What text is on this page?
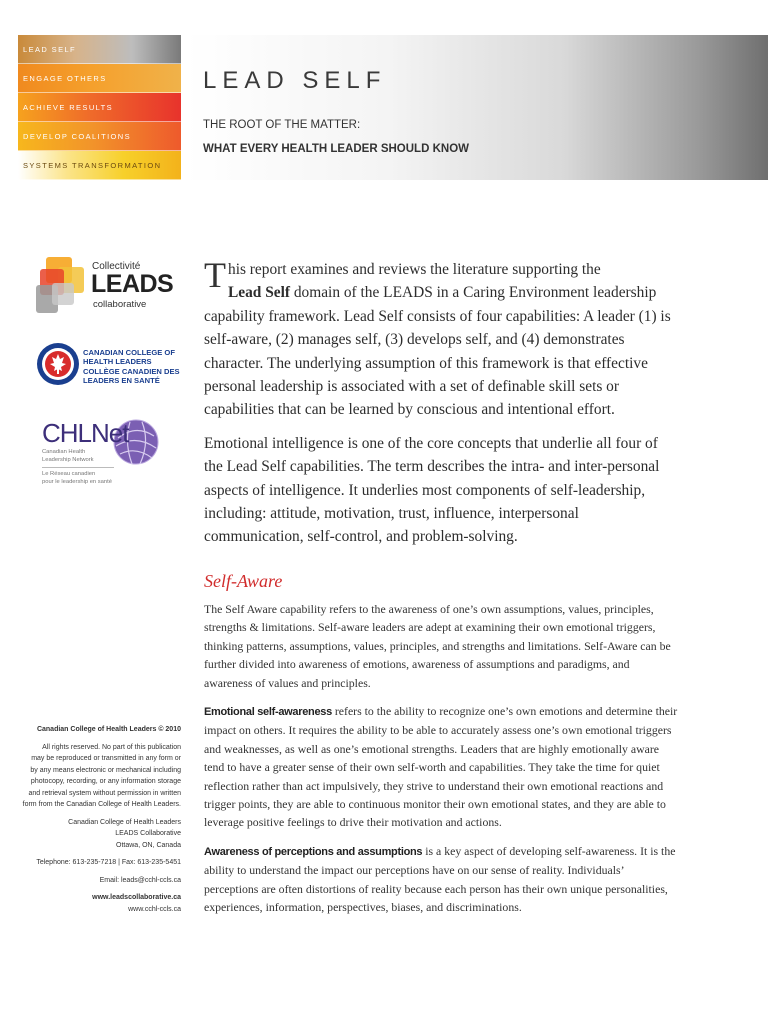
LEAD SELF
ENGAGE OTHERS
ACHIEVE RESULTS
DEVELOP COALITIONS
SYSTEMS TRANSFORMATION
LEAD SELF
THE ROOT OF THE MATTER:
WHAT EVERY HEALTH LEADER SHOULD KNOW
Collectivité
LEADS
collaborative
CANADIAN COLLEGE OF
HEALTH LEADERS
COLLÈGE CANADIEN DES
LEADERS EN SANTÉ
CHLNet
Canadian Health
Leadership Network
Le Réseau canadien
pour le leadership en santé

Canadian College of Health Leaders © 2010

All rights reserved. No part of this publication

may be reproduced or transmitted in any form or

by any means electronic or mechanical including

photocopy, recording, or any information storage

and retrieval system without permission in written

form from the Canadian College of Health Leaders.

Canadian College of Health Leaders

LEADS Collaborative

Ottawa, ON, Canada

Telephone: 613-235-7218 | Fax: 613-235-5451

Email: leads@cchl-ccls.ca

www.leadscollaborative.ca

www.cchl-ccls.ca

This report examines and reviews the literature supporting the
Lead Self domain of the LEADS in a Caring Environment leadership capability framework. Lead Self consists of four capabilities: A leader (1) is self-aware, (2) manages self, (3) develops self, and (4) demonstrates character. The underlying assumption of this framework is that effective personal leadership is associated with a set of definable skill sets or capabilities that can be learned by conscious and intentional effort.

Emotional intelligence is one of the core concepts that underlie all four of the Lead Self capabilities. The term describes the intra- and inter-personal aspects of intelligence. It underlies most components of self-leadership, including: attitude, motivation, trust, influence, interpersonal communication, self-control, and problem-solving.

Self-Aware

The Self Aware capability refers to the awareness of one’s own assumptions, values, principles, strengths & limitations. Self-aware leaders are adept at examining their own emotional triggers, thinking patterns, assumptions, values, principles, and strengths and limitations. Self-Aware can be further divided into awareness of emotions, awareness of assumptions and paradigms, and awareness of values and principles.

Emotional self-awareness refers to the ability to recognize one’s own emotions and determine their impact on others. It requires the ability to be able to accurately assess one’s own emotional triggers and weaknesses, as well as one’s emotional strengths. Leaders that are highly emotionally aware tend to have a greater sense of their own self-worth and capabilities. They take the time for quiet reflection rather than act impulsively, they strive to understand their own emotional reactions and trigger points, they are able to continuous monitor their own emotional states, and they are able to leverage positive feelings to drive their motivation and actions.

Awareness of perceptions and assumptions is a key aspect of developing self-awareness. It is the ability to understand the impact our perceptions have on our sense of reality. Individuals’ perceptions are often distortions of reality because each person has their own unique personalities, experiences, information, perspectives, biases, and discriminations.
